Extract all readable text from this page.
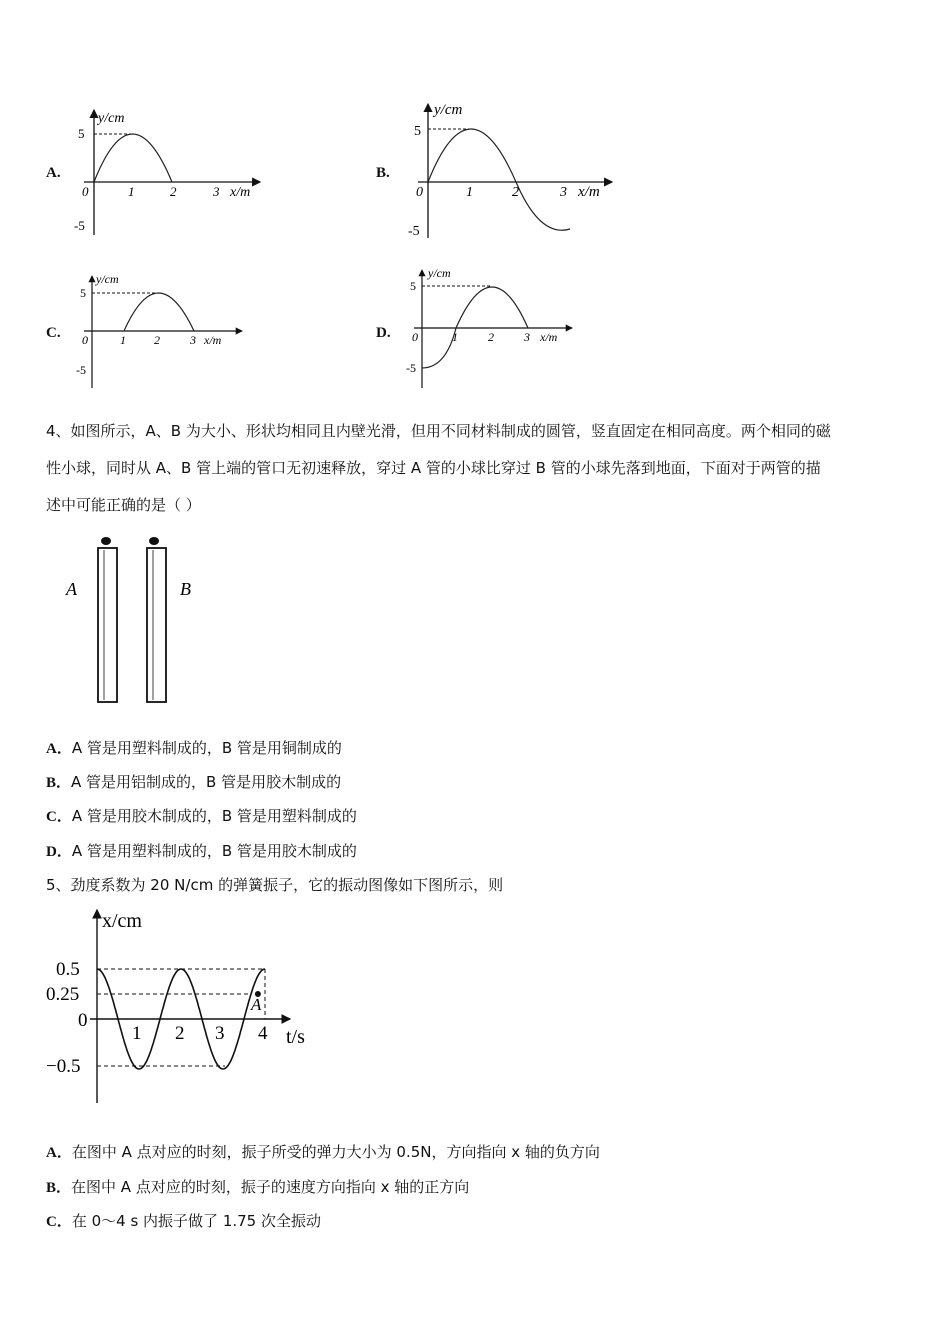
A.
y/cm
5
-5
0	1	2	3 x/m
B.
y/cm
5
-5
0	1	2	3 x/m
C.
y/cm
5
-5
0	1 2	3 x/m	D.
y/cm
5
-5
0	1	2	3 x/m
4、如图所示，A、B 为大小、形状均相同且内壁光滑，但用不同材料制成的圆管，竖直固定在相同高度。两个相同的磁
性小球，同时从 A、B 管上端的管口无初速释放，穿过 A 管的小球比穿过 B 管的小球先落到地面，下面对于两管的描
述中可能正确的是（ ）
A	B
A．A 管是用塑料制成的，B 管是用铜制成的
B．A 管是用铝制成的，B 管是用胶木制成的
C．A 管是用胶木制成的，B 管是用塑料制成的
D．A 管是用塑料制成的，B 管是用胶木制成的
5、劲度系数为 20 N/cm 的弹簧振子，它的振动图像如下图所示，则
A
x/cm
t/s
0.5
0.25
0
−0.5
1 2 3 4
A．在图中 A 点对应的时刻，振子所受的弹力大小为 0.5N，方向指向 x 轴的负方向
B．在图中 A 点对应的时刻，振子的速度方向指向 x 轴的正方向
C．在 0～4 s 内振子做了 1.75 次全振动
